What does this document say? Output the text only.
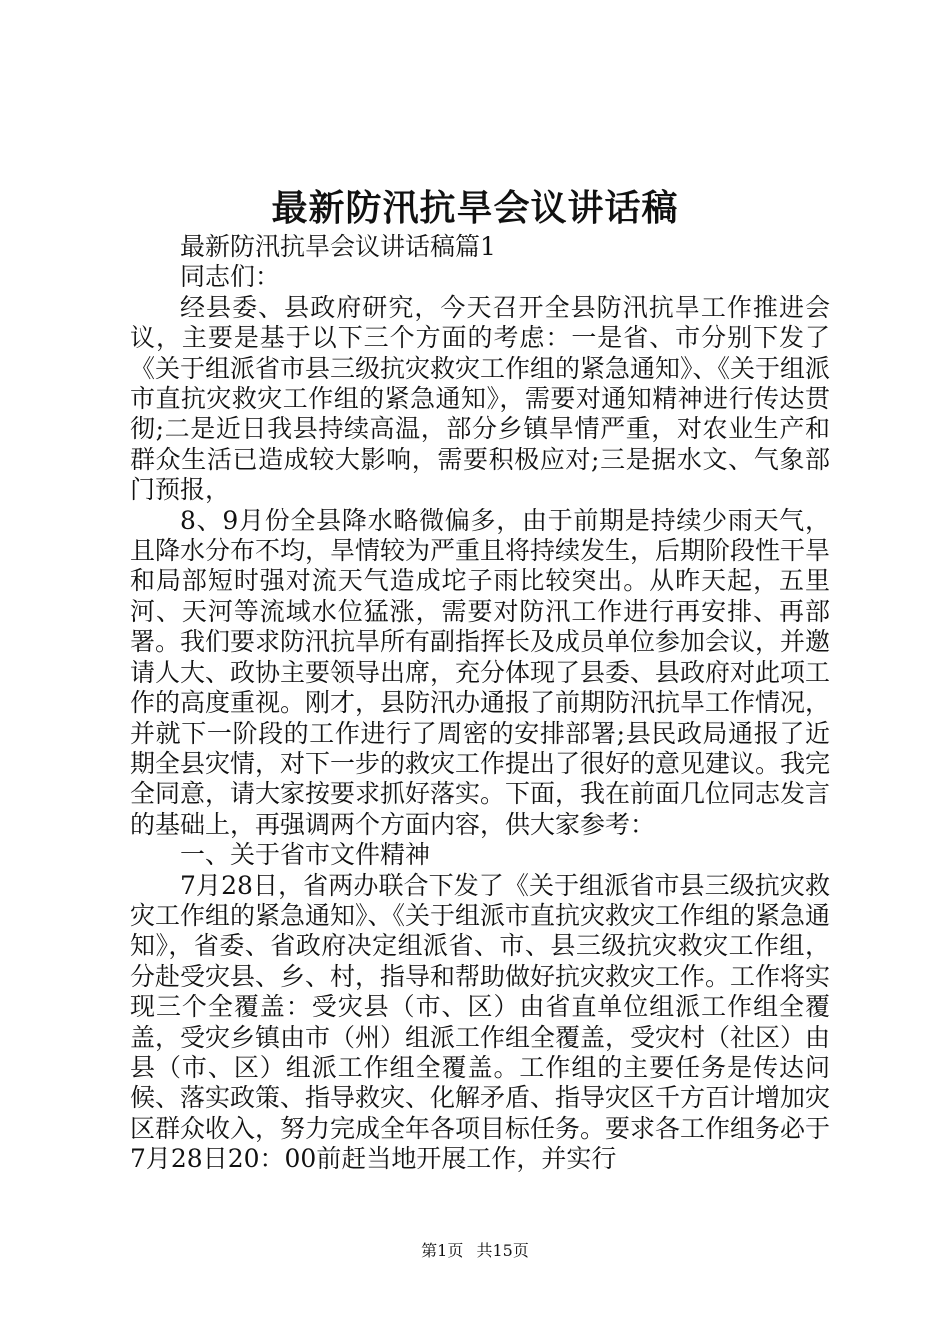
最新防汛抗旱会议讲话稿

最新防汛抗旱会议讲话稿篇1

同志们：

经县委、县政府研究，今天召开全县防汛抗旱工作推进会议，主要是基于以下三个方面的考虑：一是省、市分别下发了《关于组派省市县三级抗灾救灾工作组的紧急通知》、《关于组派市直抗灾救灾工作组的紧急通知》，需要对通知精神进行传达贯彻;二是近日我县持续高温，部分乡镇旱情严重，对农业生产和群众生活已造成较大影响，需要积极应对;三是据水文、气象部门预报，

8、9月份全县降水略微偏多，由于前期是持续少雨天气，且降水分布不均，旱情较为严重且将持续发生，后期阶段性干旱和局部短时强对流天气造成坨子雨比较突出。从昨天起，五里河、天河等流域水位猛涨，需要对防汛工作进行再安排、再部署。我们要求防汛抗旱所有副指挥长及成员单位参加会议，并邀请人大、政协主要领导出席，充分体现了县委、县政府对此项工作的高度重视。刚才，县防汛办通报了前期防汛抗旱工作情况，并就下一阶段的工作进行了周密的安排部署;县民政局通报了近期全县灾情，对下一步的救灾工作提出了很好的意见建议。我完全同意，请大家按要求抓好落实。下面，我在前面几位同志发言的基础上，再强调两个方面内容，供大家参考：

一、关于省市文件精神

7月28日，省两办联合下发了《关于组派省市县三级抗灾救灾工作组的紧急通知》、《关于组派市直抗灾救灾工作组的紧急通知》，省委、省政府决定组派省、市、县三级抗灾救灾工作组，分赴受灾县、乡、村，指导和帮助做好抗灾救灾工作。工作将实现三个全覆盖：受灾县（市、区）由省直单位组派工作组全覆盖，受灾乡镇由市（州）组派工作组全覆盖，受灾村（社区）由县（市、区）组派工作组全覆盖。工作组的主要任务是传达问候、落实政策、指导救灾、化解矛盾、指导灾区千方百计增加灾区群众收入，努力完成全年各项目标任务。要求各工作组务必于7月28日20：00前赶当地开展工作，并实行

第1页 共15页
